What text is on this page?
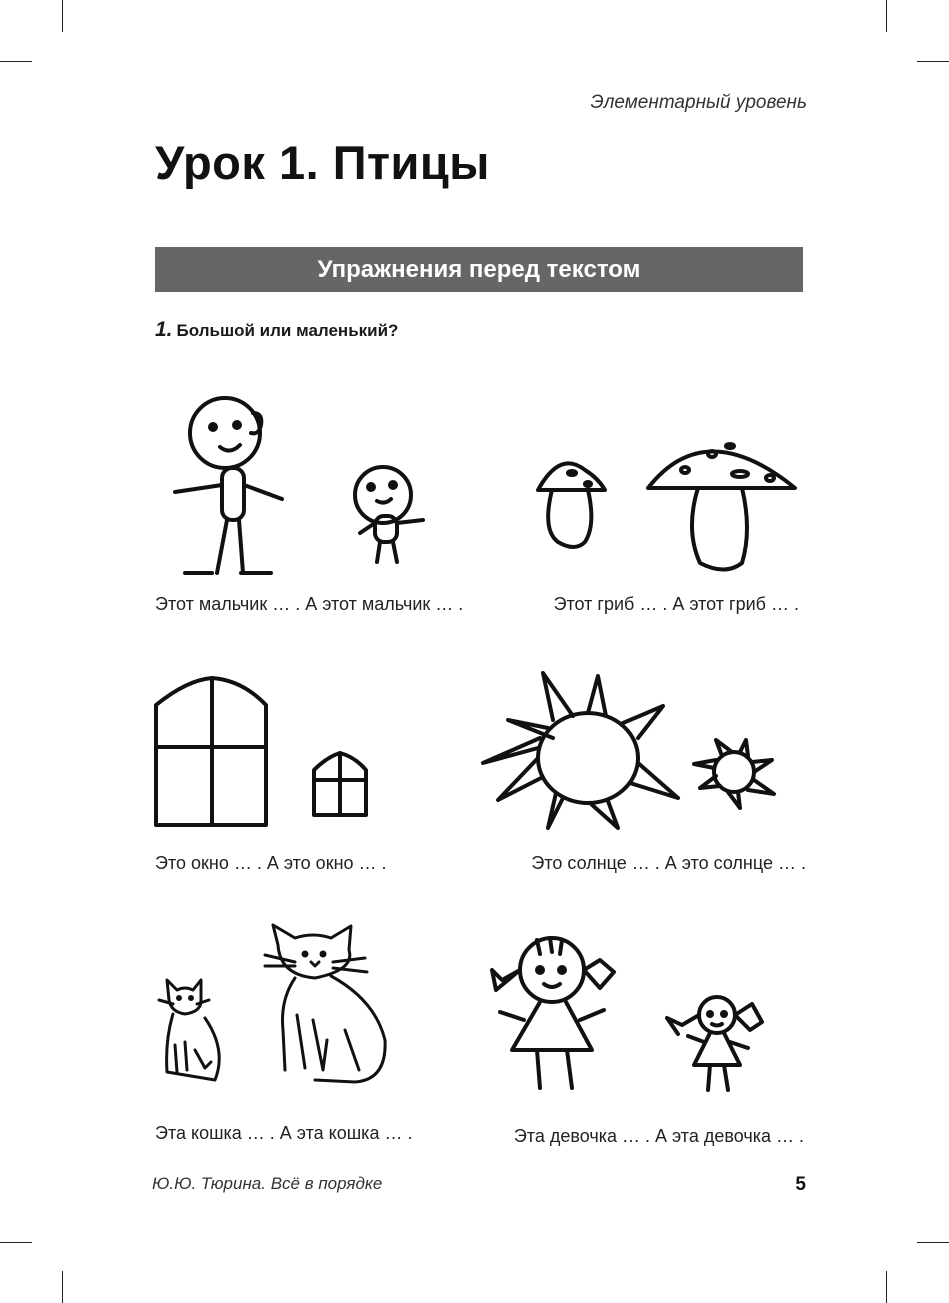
Элементарный уровень
Урок 1. Птицы
Упражнения перед текстом
1. Большой или маленький?
Этот мальчик … . А этот мальчик … .	Этот гриб … . А этот гриб … .
Это окно … . А это окно … .	Это солнце … . А это солнце … .
Эта кошка … . А эта кошка … .	Эта девочка … . А эта девочка … .
Ю.Ю. Тюрина. Всё в порядке	5
